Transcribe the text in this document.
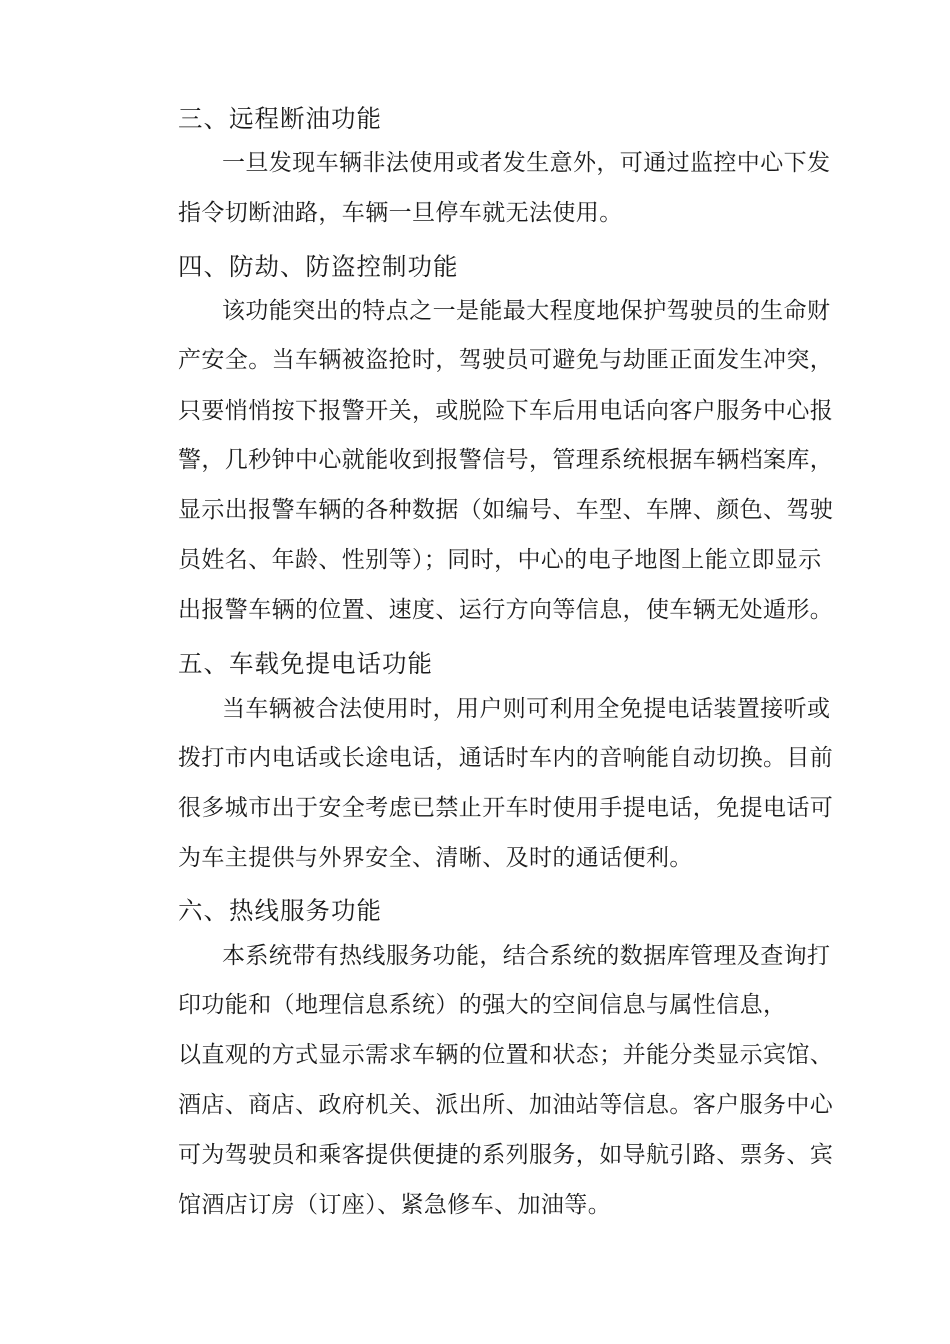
三、远程断油功能
一旦发现车辆非法使用或者发生意外，可通过监控中心下发
指令切断油路，车辆一旦停车就无法使用。
四、防劫、防盗控制功能
该功能突出的特点之一是能最大程度地保护驾驶员的生命财
产安全。当车辆被盗抢时，驾驶员可避免与劫匪正面发生冲突，
只要悄悄按下报警开关，或脱险下车后用电话向客户服务中心报
警，几秒钟中心就能收到报警信号，管理系统根据车辆档案库，
显示出报警车辆的各种数据（如编号、车型、车牌、颜色、驾驶
员姓名、年龄、性别等）；同时，中心的电子地图上能立即显示
出报警车辆的位置、速度、运行方向等信息，使车辆无处遁形。
五、车载免提电话功能
当车辆被合法使用时，用户则可利用全免提电话装置接听或
拨打市内电话或长途电话，通话时车内的音响能自动切换。目前
很多城市出于安全考虑已禁止开车时使用手提电话，免提电话可
为车主提供与外界安全、清晰、及时的通话便利。
六、热线服务功能
本系统带有热线服务功能，结合系统的数据库管理及查询打
印功能和（地理信息系统）的强大的空间信息与属性信息，
以直观的方式显示需求车辆的位置和状态；并能分类显示宾馆、
酒店、商店、政府机关、派出所、加油站等信息。客户服务中心
可为驾驶员和乘客提供便捷的系列服务，如导航引路、票务、宾
馆酒店订房（订座）、紧急修车、加油等。
